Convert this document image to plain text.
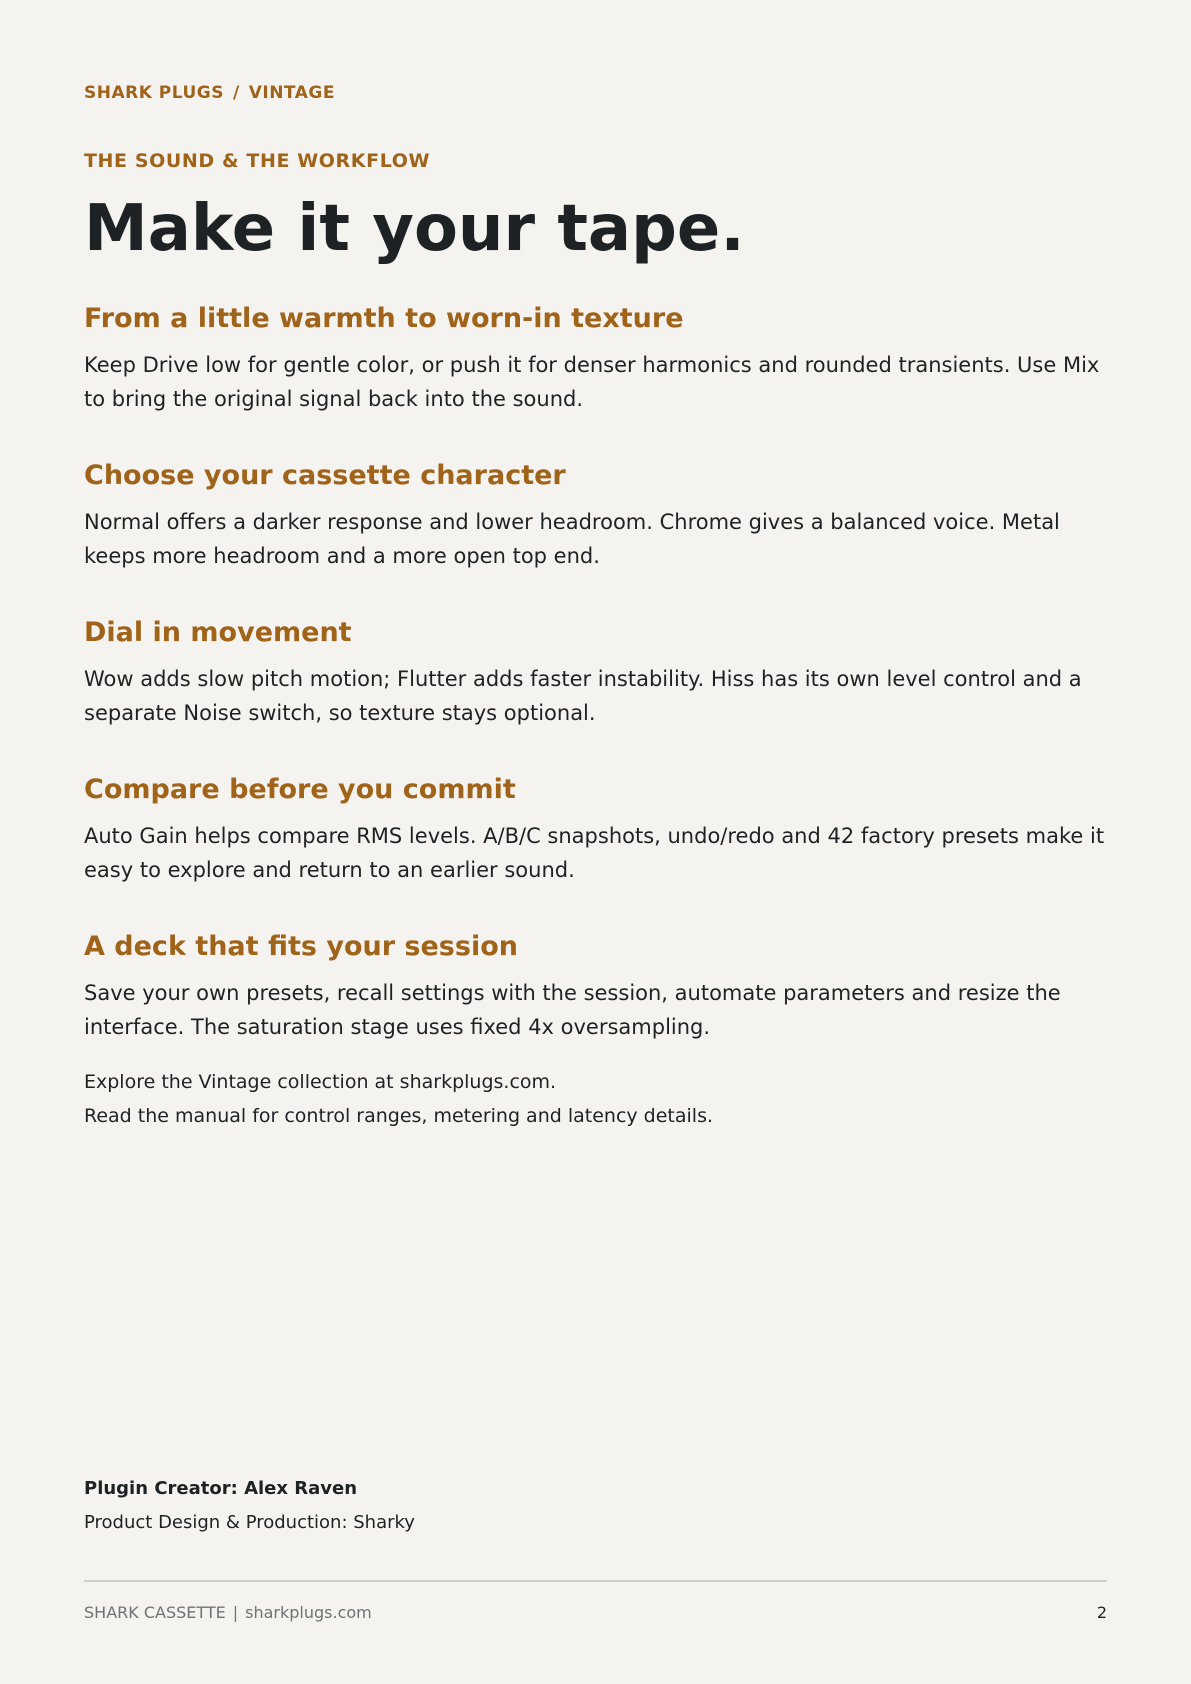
SHARK PLUGS / VINTAGE
THE SOUND & THE WORKFLOW
Make it your tape.
From a little warmth to worn-in texture

Keep Drive low for gentle color, or push it for denser harmonics and rounded transients. Use Mix to bring the original signal back into the sound.

Choose your cassette character

Normal offers a darker response and lower headroom. Chrome gives a balanced voice. Metal keeps more headroom and a more open top end.

Dial in movement

Wow adds slow pitch motion; Flutter adds faster instability. Hiss has its own level control and a separate Noise switch, so texture stays optional.

Compare before you commit

Auto Gain helps compare RMS levels. A/B/C snapshots, undo/redo and 42 factory presets make it easy to explore and return to an earlier sound.

A deck that fits your session

Save your own presets, recall settings with the session, automate parameters and resize the interface. The saturation stage uses fixed 4x oversampling.

Explore the Vintage collection at sharkplugs.com.
Read the manual for control ranges, metering and latency details.
Plugin Creator: Alex Raven
Product Design & Production: Sharky
SHARK CASSETTE | sharkplugs.com	2
